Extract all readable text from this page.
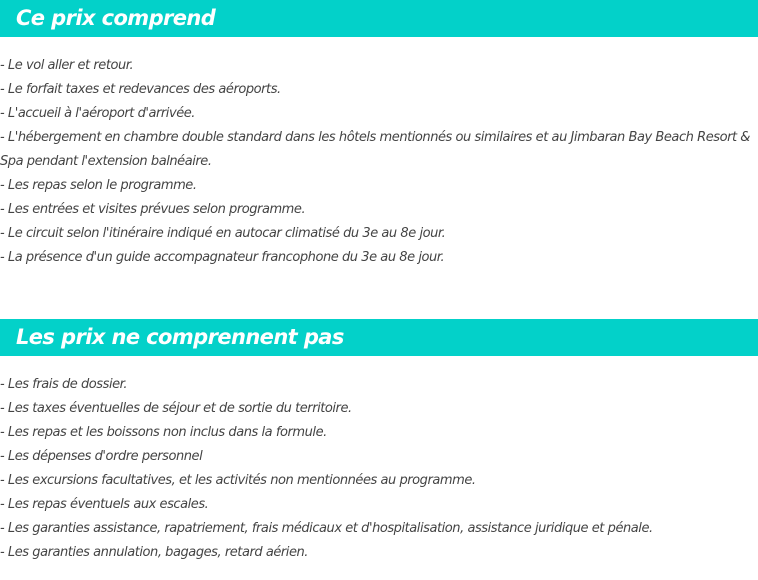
Ce prix comprend
- Le vol aller et retour.
- Le forfait taxes et redevances des aéroports.
- L'accueil à l'aéroport d'arrivée.
- L'hébergement en chambre double standard dans les hôtels mentionnés ou similaires et au Jimbaran Bay Beach Resort & Spa pendant l'extension balnéaire.
- Les repas selon le programme.
- Les entrées et visites prévues selon programme.
- Le circuit selon l'itinéraire indiqué en autocar climatisé du 3e au 8e jour.
- La présence d'un guide accompagnateur francophone du 3e au 8e jour.
Les prix ne comprennent pas
- Les frais de dossier.
- Les taxes éventuelles de séjour et de sortie du territoire.
- Les repas et les boissons non inclus dans la formule.
- Les dépenses d'ordre personnel
- Les excursions facultatives, et les activités non mentionnées au programme.
- Les repas éventuels aux escales.
- Les garanties assistance, rapatriement, frais médicaux et d'hospitalisation, assistance juridique et pénale.
- Les garanties annulation, bagages, retard aérien.
